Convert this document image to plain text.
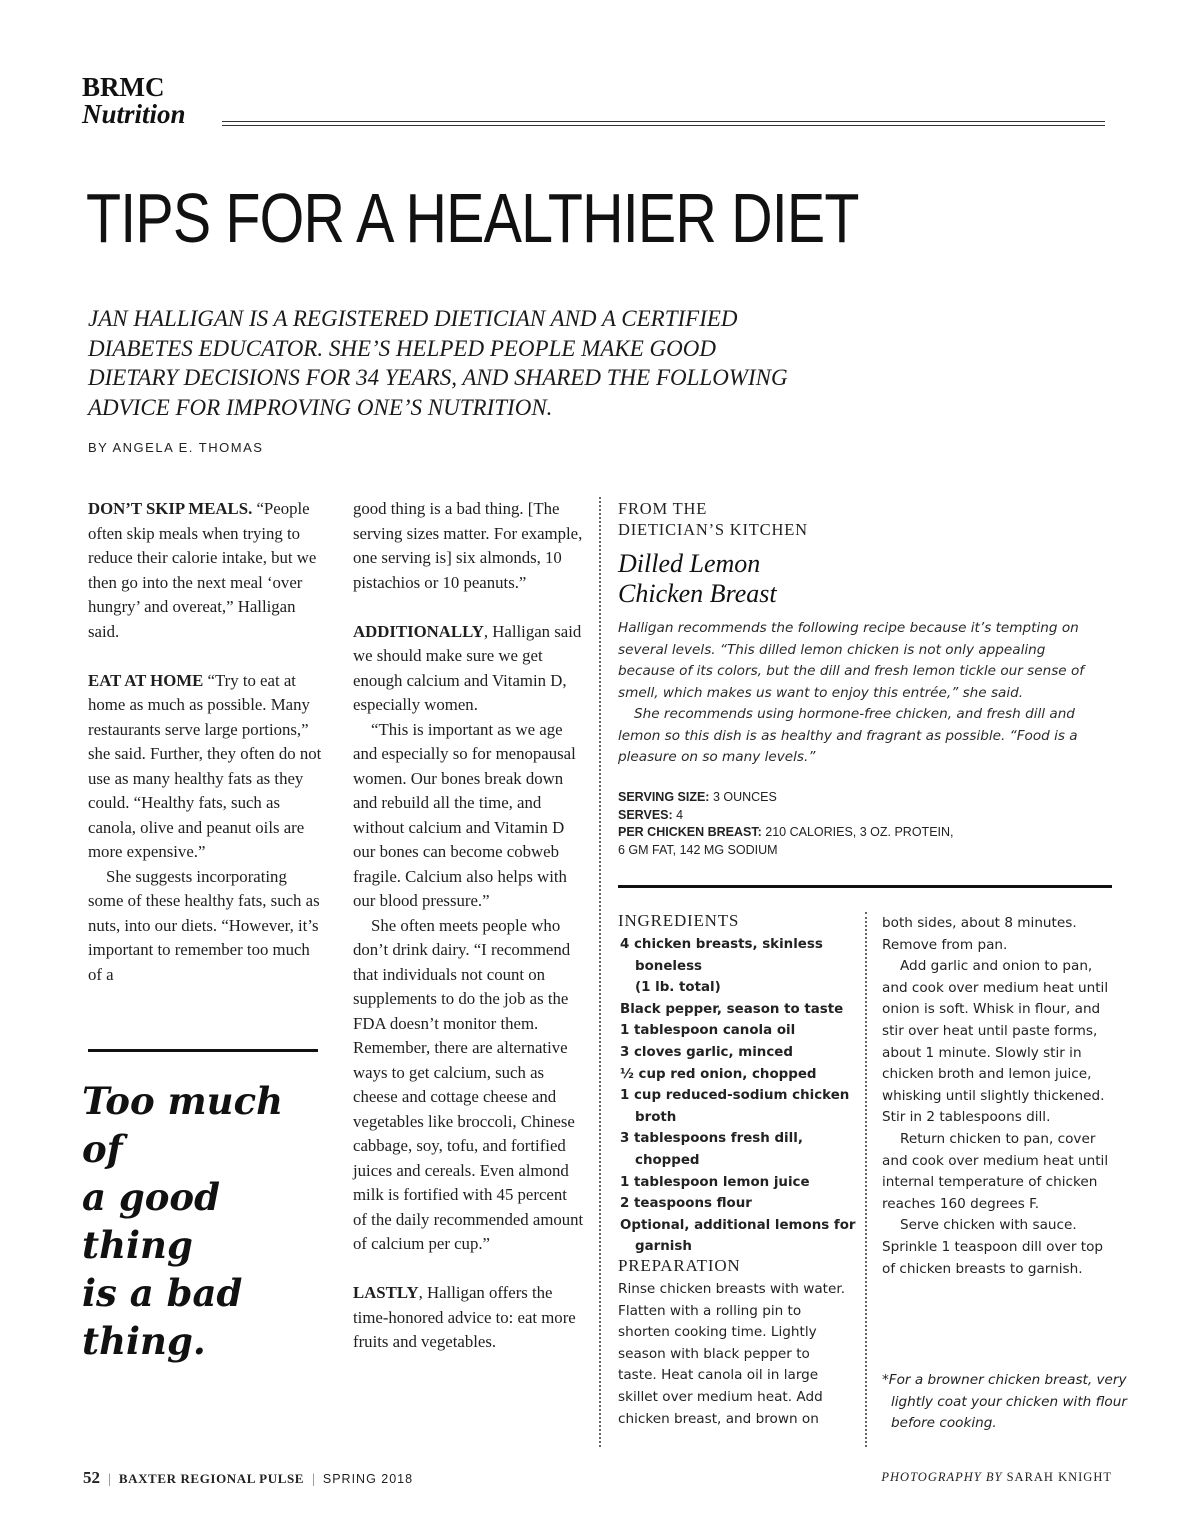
BRMC
Nutrition
TIPS FOR A HEALTHIER DIET

JAN HALLIGAN IS A REGISTERED DIETICIAN AND A CERTIFIED

DIABETES EDUCATOR. SHE’S HELPED PEOPLE MAKE GOOD

DIETARY DECISIONS FOR 34 YEARS, AND SHARED THE FOLLOWING

ADVICE FOR IMPROVING ONE’S NUTRITION.

BY ANGELA E. THOMAS

DON’T SKIP MEALS. “People often skip meals when trying to reduce their calorie intake, but we then go into the next meal ‘over hungry’ and overeat,” Halligan said.

EAT AT HOME “Try to eat at home as much as possible. Many restaurants serve large portions,” she said. Further, they often do not use as many healthy fats as they could. “Healthy fats, such as canola, olive and peanut oils are more expensive.”

She suggests incorporating some of these healthy fats, such as nuts, into our diets. “However, it’s important to remember too much of a

Too much of

a good thing

is a bad

thing.

good thing is a bad thing. [The serving sizes matter. For example, one serving is] six almonds, 10 pistachios or 10 peanuts.”

ADDITIONALLY, Halligan said we should make sure we get enough calcium and Vitamin D, especially women.

“This is important as we age and especially so for menopausal women. Our bones break down and rebuild all the time, and without calcium and Vitamin D our bones can become cobweb fragile. Calcium also helps with our blood pressure.”

She often meets people who don’t drink dairy. “I recommend that individuals not count on supplements to do the job as the FDA doesn’t monitor them. Remember, there are alternative ways to get calcium, such as cheese and cottage cheese and vegetables like broccoli, Chinese cabbage, soy, tofu, and fortified juices and cereals. Even almond milk is fortified with 45 percent of the daily recommended amount of calcium per cup.”

LASTLY, Halligan offers the time-honored advice to: eat more fruits and vegetables.

FROM THE

DIETICIAN’S KITCHEN

Dilled Lemon

Chicken Breast

Halligan recommends the following recipe because it’s tempting on several levels. “This dilled lemon chicken is not only appealing because of its colors, but the dill and fresh lemon tickle our sense of smell, which makes us want to enjoy this entrée,” she said.

She recommends using hormone-free chicken, and fresh dill and lemon so this dish is as healthy and fragrant as possible. “Food is a pleasure on so many levels.”

SERVING SIZE: 3 OUNCES

SERVES: 4

PER CHICKEN BREAST: 210 CALORIES, 3 OZ. PROTEIN,

6 GM FAT, 142 MG SODIUM

INGREDIENTS

4 chicken breasts, skinless boneless

(1 lb. total)

Black pepper, season to taste

1 tablespoon canola oil

3 cloves garlic, minced

½ cup red onion, chopped

1 cup reduced-sodium chicken broth

3 tablespoons fresh dill, chopped

1 tablespoon lemon juice

2 teaspoons flour

Optional, additional lemons for garnish

PREPARATION

Rinse chicken breasts with water. Flatten with a rolling pin to shorten cooking time. Lightly season with black pepper to taste. Heat canola oil in large skillet over medium heat. Add chicken breast, and brown on

both sides, about 8 minutes. Remove from pan.

Add garlic and onion to pan, and cook over medium heat until onion is soft. Whisk in flour, and stir over heat until paste forms, about 1 minute. Slowly stir in chicken broth and lemon juice, whisking until slightly thickened. Stir in 2 tablespoons dill.

Return chicken to pan, cover and cook over medium heat until internal temperature of chicken reaches 160 degrees F.

Serve chicken with sauce. Sprinkle 1 teaspoon dill over top of chicken breasts to garnish.

*For a browner chicken breast, very lightly coat your chicken with flour before cooking.
52 | BAXTER REGIONAL PULSE | SPRING 2018	PHOTOGRAPHY BY SARAH KNIGHT
